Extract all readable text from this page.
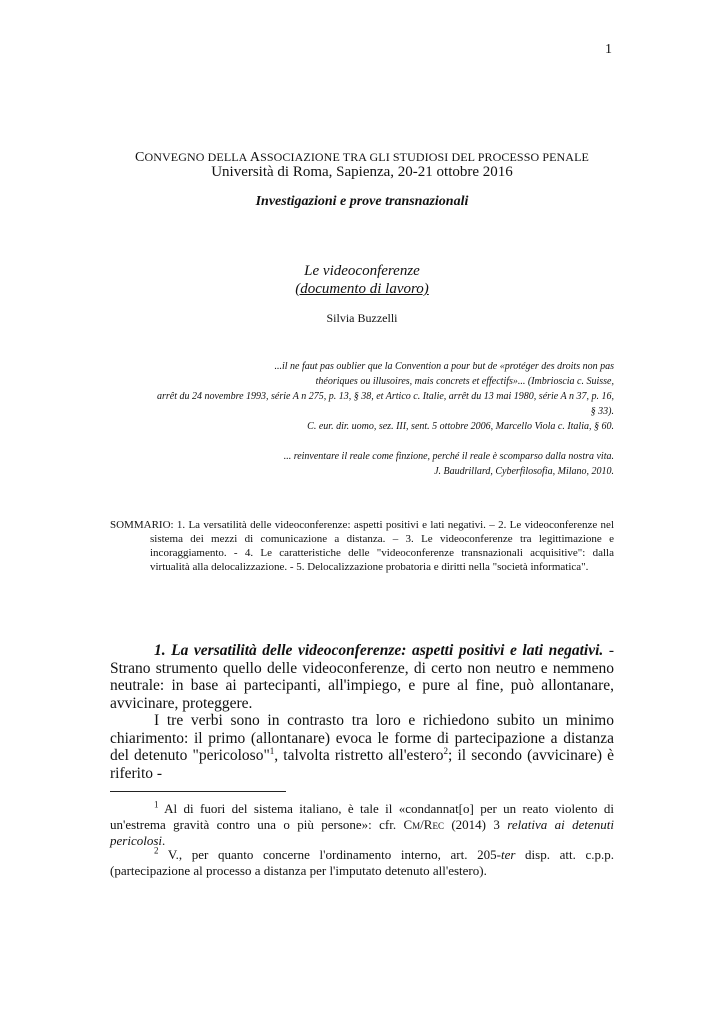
1
CONVEGNO DELLA ASSOCIAZIONE TRA GLI STUDIOSI DEL PROCESSO PENALE
Università di Roma, Sapienza, 20-21 ottobre 2016
Investigazioni e prove transnazionali
Le videoconferenze
(documento di lavoro)
Silvia Buzzelli
...il ne faut pas oublier que la Convention a pour but de «protéger des droits non pas
théoriques ou illusoires, mais concrets et effectifs»... (Imbrioscia c. Suisse,
arrêt du 24 novembre 1993, série A n 275, p. 13, § 38, et Artico c. Italie, arrêt du 13 mai 1980, série A n 37, p. 16,
§ 33).
C. eur. dir. uomo, sez. III, sent. 5 ottobre 2006, Marcello Viola c. Italia, § 60.
... reinventare il reale come finzione, perché il reale è scomparso dalla nostra vita.
J. Baudrillard, Cyberfilosofia, Milano, 2010.
SOMMARIO: 1. La versatilità delle videoconferenze: aspetti positivi e lati negativi. – 2. Le videoconferenze nel sistema dei mezzi di comunicazione a distanza. – 3. Le videoconferenze tra legittimazione e incoraggiamento. - 4. Le caratteristiche delle "videoconferenze transnazionali acquisitive": dalla virtualità alla delocalizzazione. - 5. Delocalizzazione probatoria e diritti nella "società informatica".

1. La versatilità delle videoconferenze: aspetti positivi e lati negativi. - Strano strumento quello delle videoconferenze, di certo non neutro e nemmeno neutrale: in base ai partecipanti, all'impiego, e pure al fine, può allontanare, avvicinare, proteggere.

I tre verbi sono in contrasto tra loro e richiedono subito un minimo chiarimento: il primo (allontanare) evoca le forme di partecipazione a distanza del detenuto "pericoloso"$^1$, talvolta ristretto all'estero$^2$; il secondo (avvicinare) è riferito -

$^1$ Al di fuori del sistema italiano, è tale il «condannat[o] per un reato violento di un'estrema gravità contro una o più persone»: cfr. Cm/Rec (2014) 3 relativa ai detenuti pericolosi.
$^2$ V., per quanto concerne l'ordinamento interno, art. 205-ter disp. att. c.p.p. (partecipazione al processo a distanza per l'imputato detenuto all'estero).
